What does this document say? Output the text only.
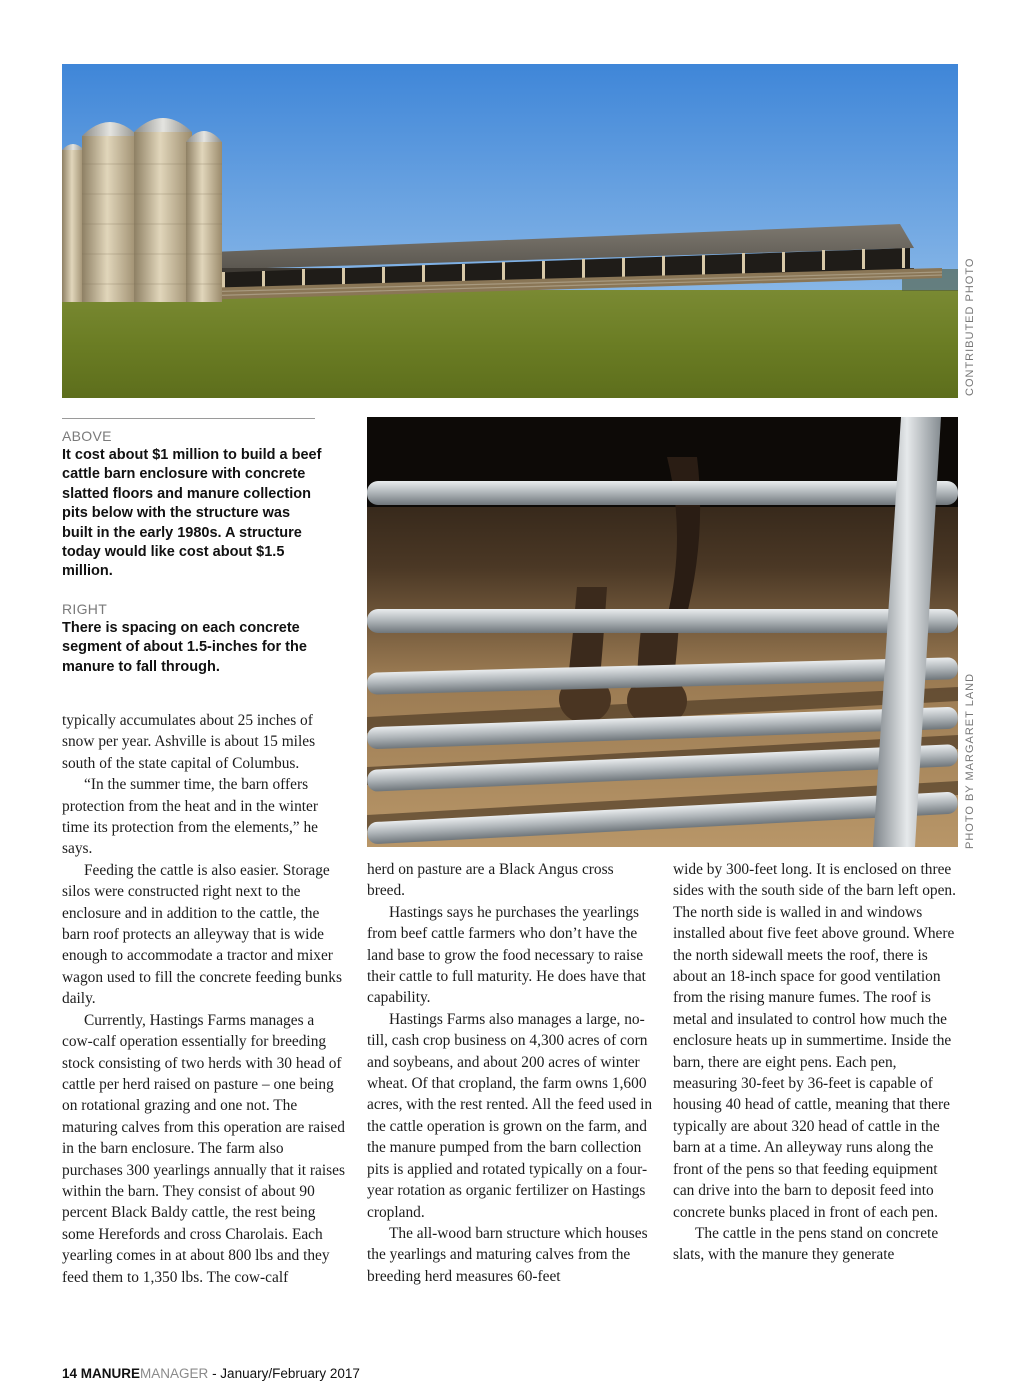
CONTRIBUTED PHOTO
ABOVE
It cost about $1 million to build a beef cattle barn enclosure with concrete slatted floors and manure collection pits below with the structure was built in the early 1980s. A structure today would like cost about $1.5 million.
RIGHT
There is spacing on each concrete segment of about 1.5-inches for the manure to fall through.
PHOTO BY MARGARET LAND

typically accumulates about 25 inches of snow per year. Ashville is about 15 miles south of the state capital of Columbus.

“In the summer time, the barn offers protection from the heat and in the winter time its protection from the elements,” he says.

Feeding the cattle is also easier. Storage silos were constructed right next to the enclosure and in addition to the cattle, the barn roof protects an alleyway that is wide enough to accommodate a tractor and mixer wagon used to fill the concrete feeding bunks daily.

Currently, Hastings Farms manages a cow-calf operation essentially for breeding stock consisting of two herds with 30 head of cattle per herd raised on pasture – one being on rotational grazing and one not. The maturing calves from this operation are raised in the barn enclosure. The farm also purchases 300 yearlings annually that it raises within the barn. They consist of about 90 percent Black Baldy cattle, the rest being some Herefords and cross Charolais. Each yearling comes in at about 800 lbs and they feed them to 1,350 lbs. The cow-calf

herd on pasture are a Black Angus cross breed.

Hastings says he purchases the yearlings from beef cattle farmers who don’t have the land base to grow the food necessary to raise their cattle to full maturity. He does have that capability.

Hastings Farms also manages a large, no-till, cash crop business on 4,300 acres of corn and soybeans, and about 200 acres of winter wheat. Of that cropland, the farm owns 1,600 acres, with the rest rented. All the feed used in the cattle operation is grown on the farm, and the manure pumped from the barn collection pits is applied and rotated typically on a four-year rotation as organic fertilizer on Hastings cropland.

The all-wood barn structure which houses the yearlings and maturing calves from the breeding herd measures 60-feet

wide by 300-feet long. It is enclosed on three sides with the south side of the barn left open. The north side is walled in and windows installed about five feet above ground. Where the north sidewall meets the roof, there is about an 18-inch space for good ventilation from the rising manure fumes. The roof is metal and insulated to control how much the enclosure heats up in summertime. Inside the barn, there are eight pens. Each pen, measuring 30-feet by 36-feet is capable of housing 40 head of cattle, meaning that there typically are about 320 head of cattle in the barn at a time. An alleyway runs along the front of the pens so that feeding equipment can drive into the barn to deposit feed into concrete bunks placed in front of each pen.

The cattle in the pens stand on concrete slats, with the manure they generate

14 MANUREMANAGER - January/February 2017
